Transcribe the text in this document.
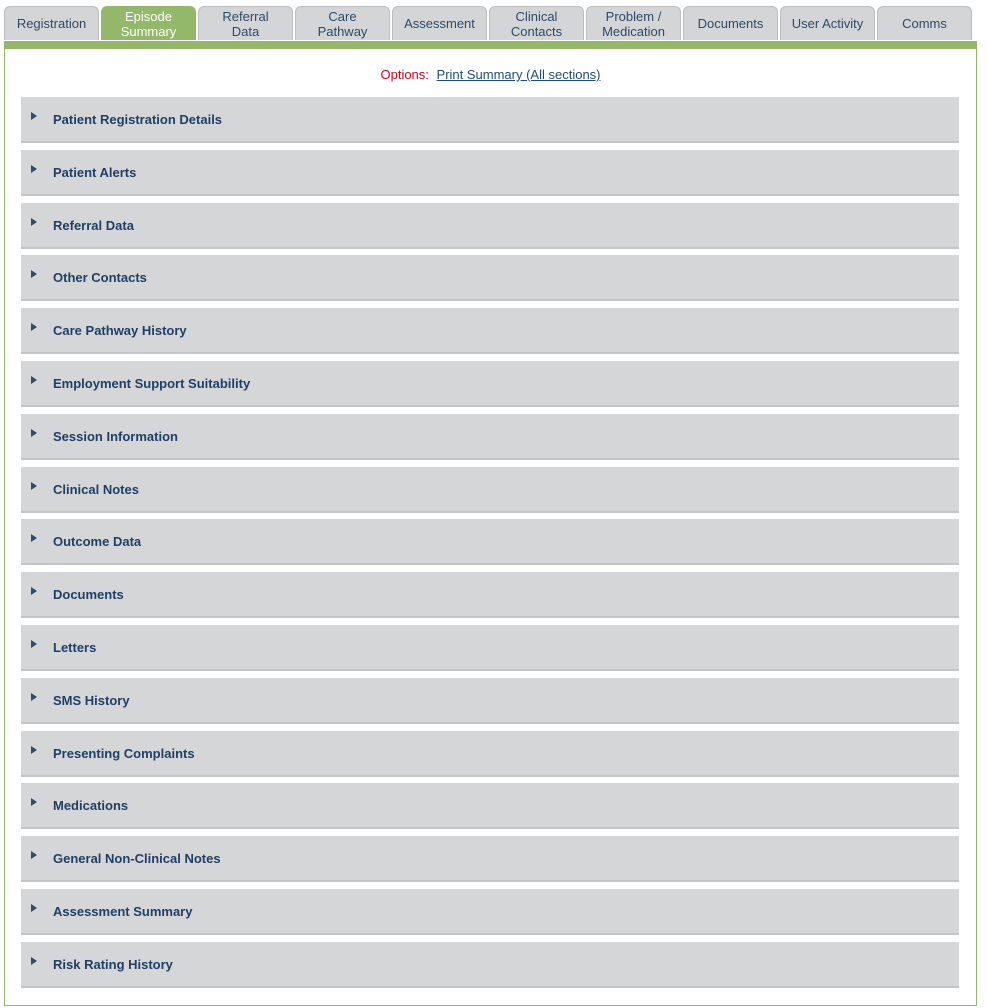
Registration	Episode
Summary
Referral
Data
Care
Pathway	Assessment	Clinical
Contacts
Problem /
Medication	Documents	User Activity	Comms
Options: Print Summary (All sections)
Patient Registration Details
Patient Alerts
Referral Data
Other Contacts
Care Pathway History
Employment Support Suitability
Session Information
Clinical Notes
Outcome Data
Documents
Letters
SMS History
Presenting Complaints
Medications
General Non-Clinical Notes
Assessment Summary
Risk Rating History
